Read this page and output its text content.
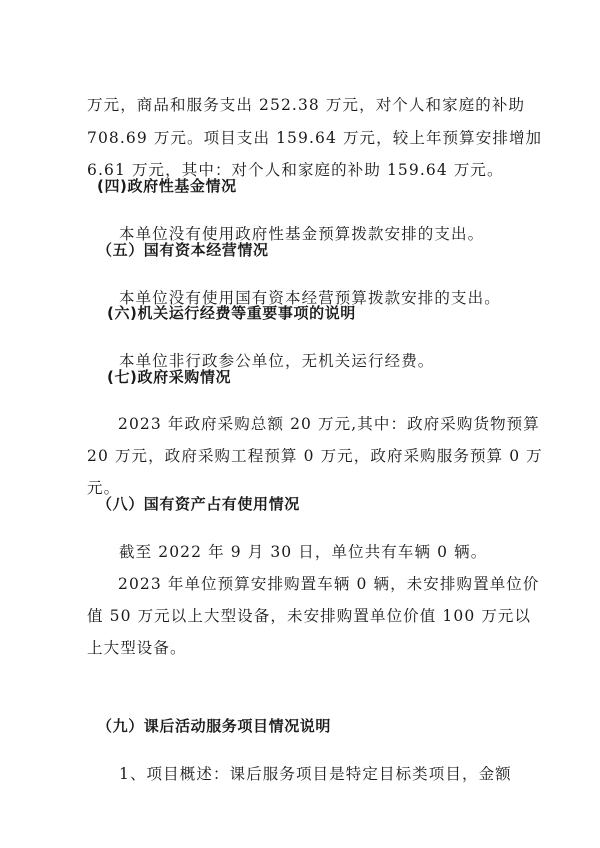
万元，商品和服务支出 252.38 万元，对个人和家庭的补助

708.69 万元。项目支出 159.64 万元，较上年预算安排增加

6.61 万元，其中：对个人和家庭的补助 159.64 万元。

(四)政府性基金情况

本单位没有使用政府性基金预算拨款安排的支出。

（五）国有资本经营情况

本单位没有使用国有资本经营预算拨款安排的支出。

(六)机关运行经费等重要事项的说明

本单位非行政参公单位，无机关运行经费。

(七)政府采购情况

2023 年政府采购总额 20 万元,其中：政府采购货物预算

20 万元，政府采购工程预算 0 万元，政府采购服务预算 0 万

元。

（八）国有资产占有使用情况

截至 2022 年 9 月 30 日，单位共有车辆 0 辆。

2023 年单位预算安排购置车辆 0 辆，未安排购置单位价

值 50 万元以上大型设备，未安排购置单位价值 100 万元以

上大型设备。

（九）课后活动服务项目情况说明

1、项目概述：课后服务项目是特定目标类项目，金额
